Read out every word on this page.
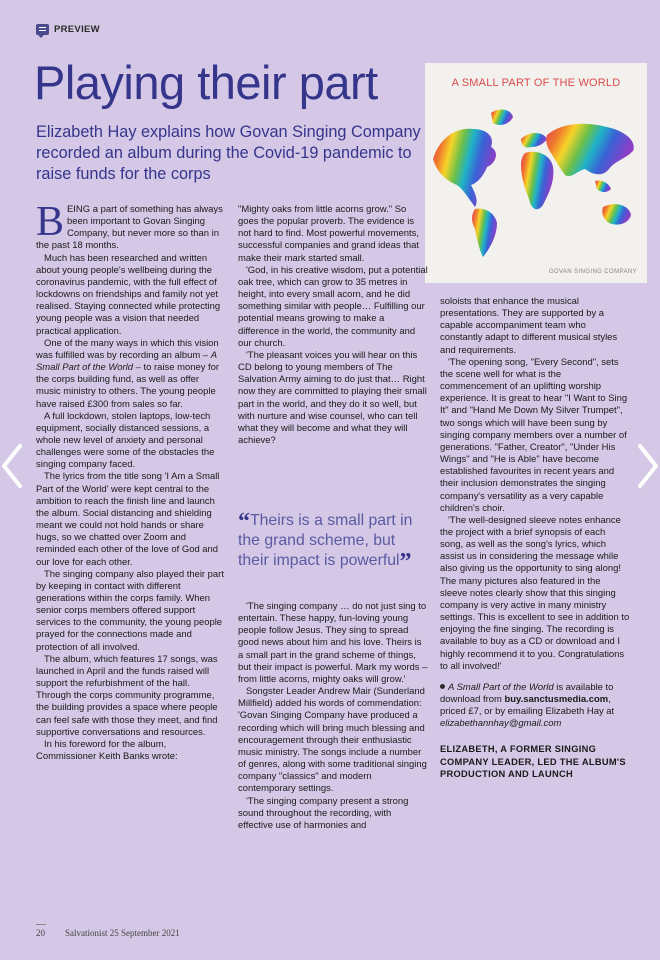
PREVIEW
Playing their part
Elizabeth Hay explains how Govan Singing Company recorded an album during the Covid-19 pandemic to raise funds for the corps
A SMALL PART OF THE WORLD
GOVAN SINGING COMPANY

BEING a part of something has always been important to Govan Singing Company, but never more so than in the past 18 months.

Much has been researched and written about young people's wellbeing during the coronavirus pandemic, with the full effect of lockdowns on friendships and family not yet realised. Staying connected while protecting young people was a vision that needed practical application.

One of the many ways in which this vision was fulfilled was by recording an album – A Small Part of the World – to raise money for the corps building fund, as well as offer music ministry to others. The young people have raised £300 from sales so far.

A full lockdown, stolen laptops, low-tech equipment, socially distanced sessions, a whole new level of anxiety and personal challenges were some of the obstacles the singing company faced.

The lyrics from the title song 'I Am a Small Part of the World' were kept central to the ambition to reach the finish line and launch the album. Social distancing and shielding meant we could not hold hands or share hugs, so we chatted over Zoom and reminded each other of the love of God and our love for each other.

The singing company also played their part by keeping in contact with different generations within the corps family. When senior corps members offered support services to the community, the young people prayed for the connections made and protection of all involved.

The album, which features 17 songs, was launched in April and the funds raised will support the refurbishment of the hall. Through the corps community programme, the building provides a space where people can feel safe with those they meet, and find supportive conversations and resources.

In his foreword for the album, Commissioner Keith Banks wrote:

"Mighty oaks from little acorns grow." So goes the popular proverb. The evidence is not hard to find. Most powerful movements, successful companies and grand ideas that make their mark started small.

'God, in his creative wisdom, put a potential oak tree, which can grow to 35 metres in height, into every small acorn, and he did something similar with people… Fulfilling our potential means growing to make a difference in the world, the community and our church.

'The pleasant voices you will hear on this CD belong to young members of The Salvation Army aiming to do just that… Right now they are committed to playing their small part in the world, and they do it so well, but with nurture and wise counsel, who can tell what they will become and what they will achieve?

“Theirs is a small part in the grand scheme, but their impact is powerful”

'The singing company … do not just sing to entertain. These happy, fun-loving young people follow Jesus. They sing to spread good news about him and his love. Theirs is a small part in the grand scheme of things, but their impact is powerful. Mark my words – from little acorns, mighty oaks will grow.'

Songster Leader Andrew Mair (Sunderland Millfield) added his words of commendation: 'Govan Singing Company have produced a recording which will bring much blessing and encouragement through their enthusiastic music ministry. The songs include a number of genres, along with some traditional singing company "classics" and modern contemporary settings.

'The singing company present a strong sound throughout the recording, with effective use of harmonies and

soloists that enhance the musical presentations. They are supported by a capable accompaniment team who constantly adapt to different musical styles and requirements.

'The opening song, "Every Second", sets the scene well for what is the commencement of an uplifting worship experience. It is great to hear "I Want to Sing It" and "Hand Me Down My Silver Trumpet", two songs which will have been sung by singing company members over a number of generations. "Father, Creator", "Under His Wings" and "He is Able" have become established favourites in recent years and their inclusion demonstrates the singing company's versatility as a very capable children's choir.

'The well-designed sleeve notes enhance the project with a brief synopsis of each song, as well as the song's lyrics, which assist us in considering the message while also giving us the opportunity to sing along! The many pictures also featured in the sleeve notes clearly show that this singing company is very active in many ministry settings. This is excellent to see in addition to enjoying the fine singing. The recording is available to buy as a CD or download and I highly recommend it to you. Congratulations to all involved!'

A Small Part of the World is available to download from buy.sanctusmedia.com, priced £7, or by emailing Elizabeth Hay at elizabethannhay@gmail.com

ELIZABETH, A FORMER SINGING COMPANY LEADER, LED THE ALBUM'S PRODUCTION AND LAUNCH

20 Salvationist 25 September 2021
